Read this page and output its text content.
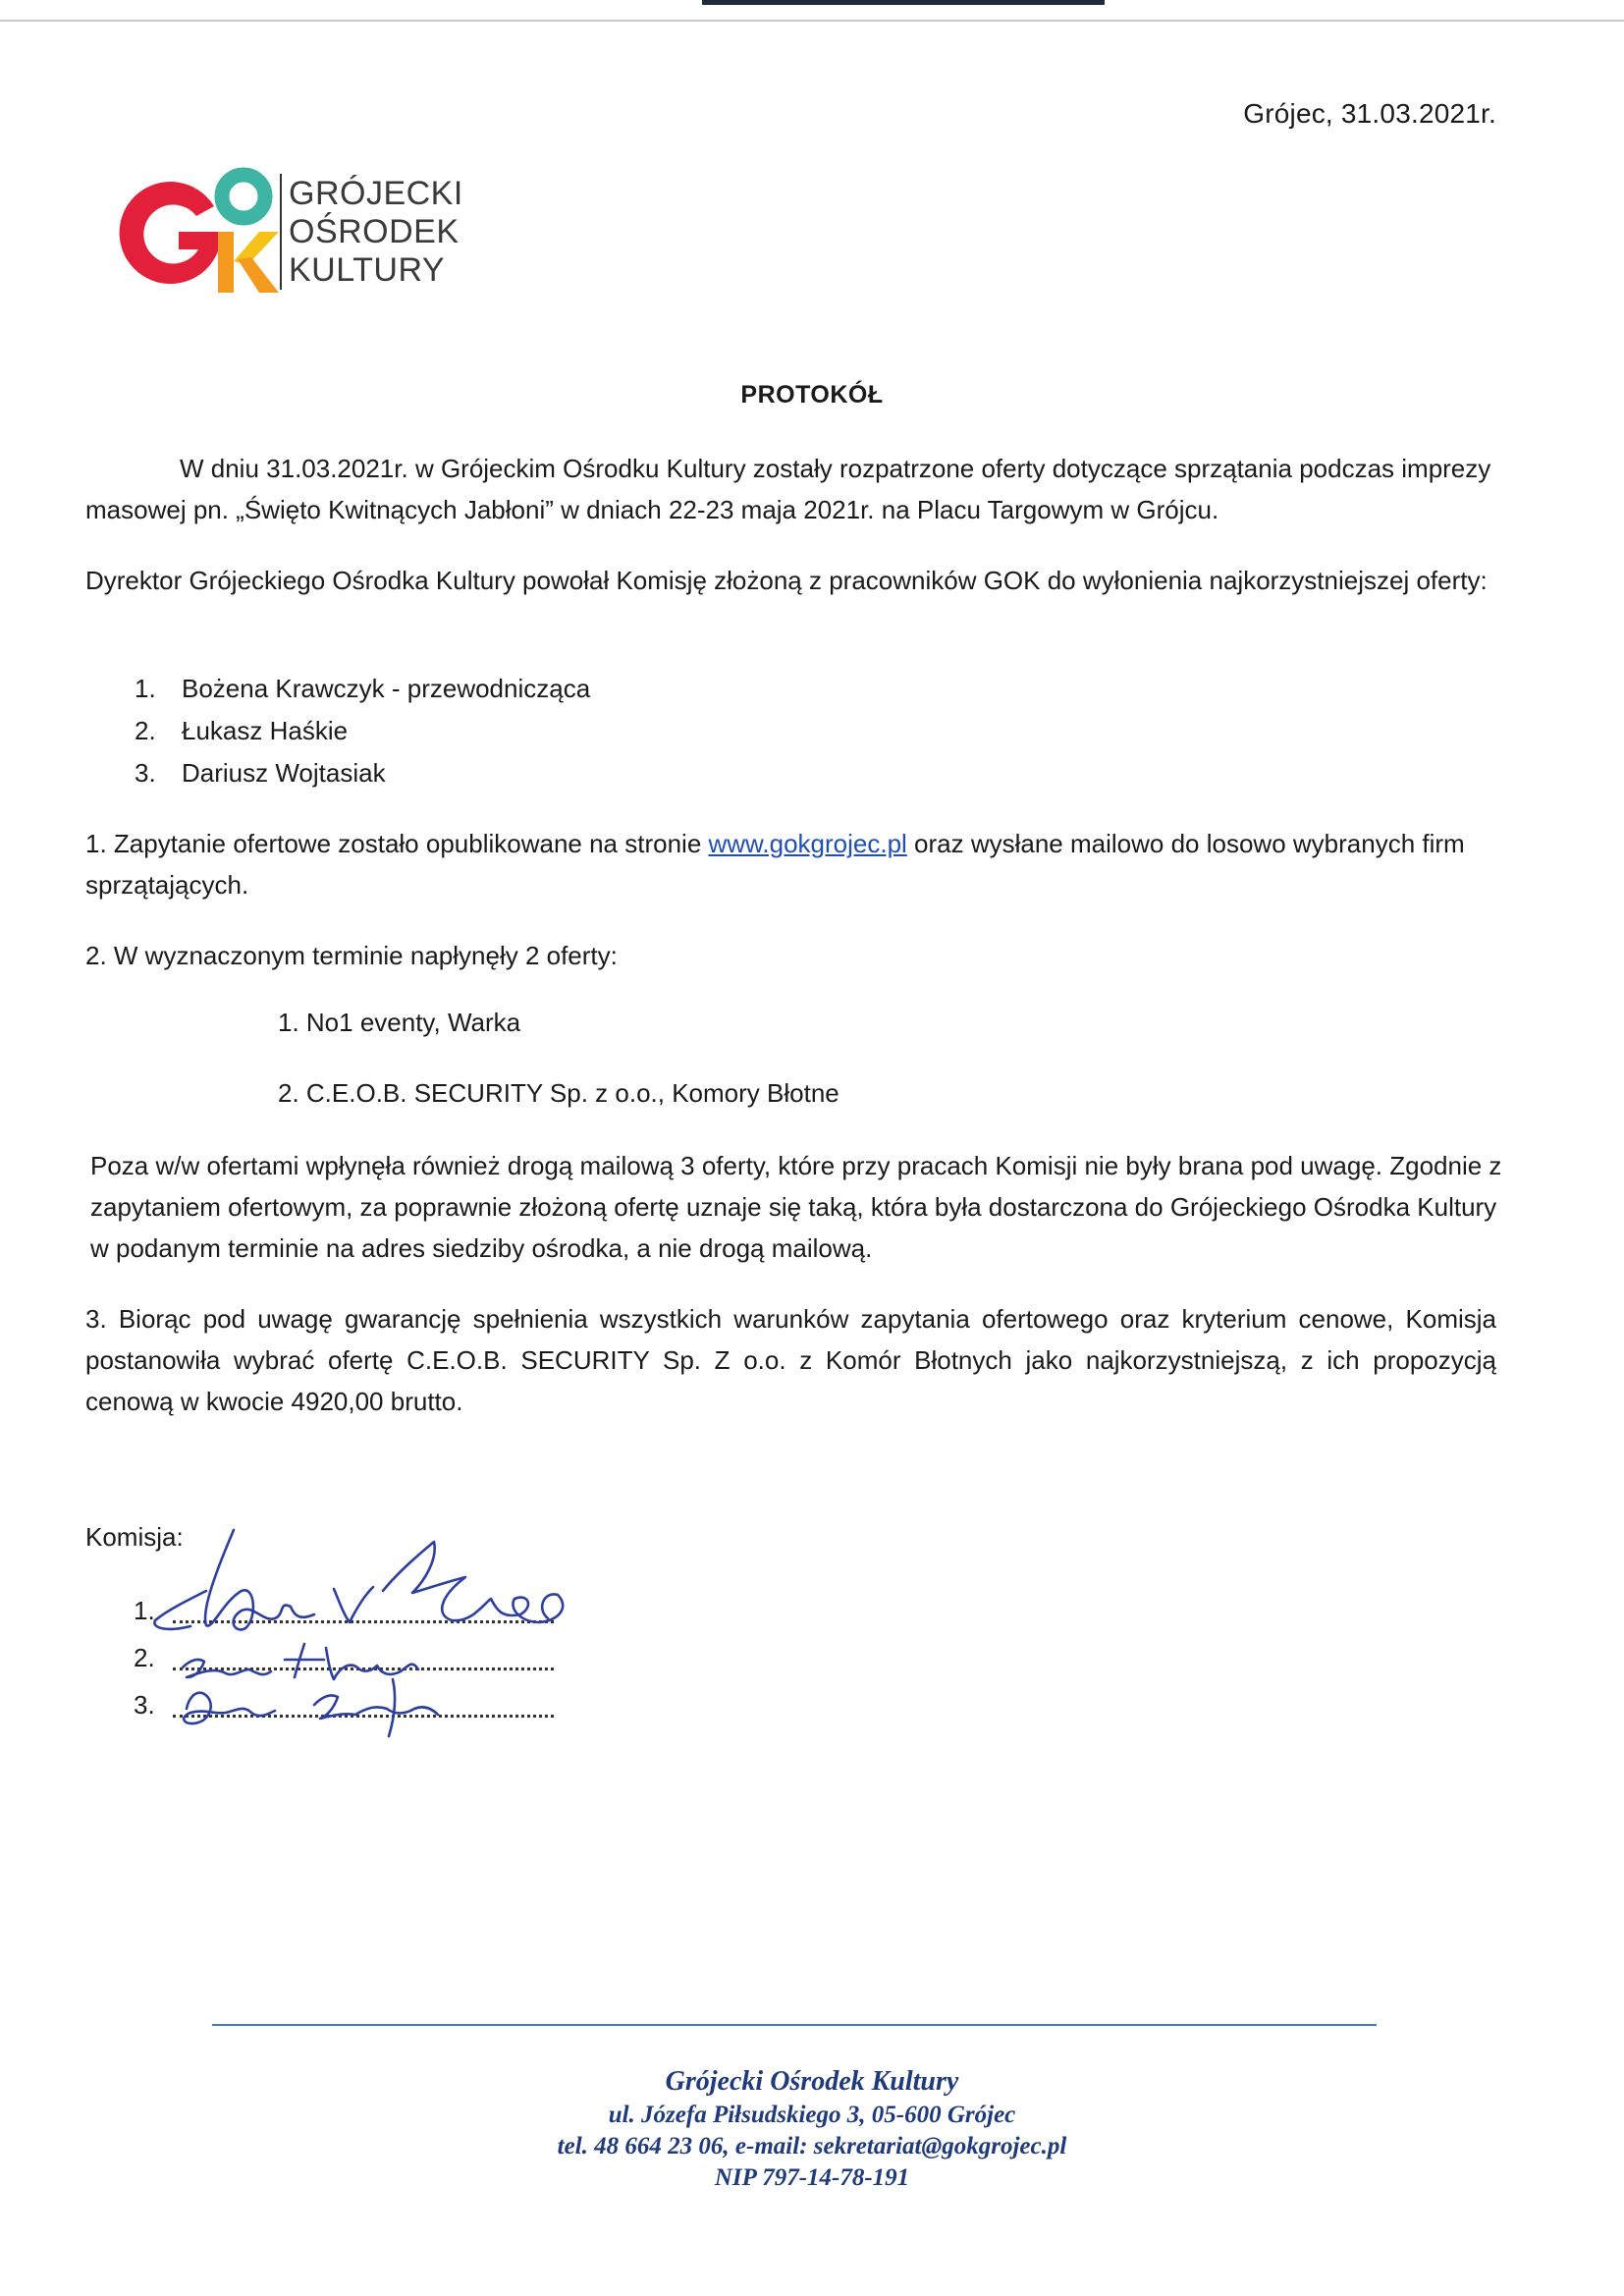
Grójec, 31.03.2021r.
GRÓJECKI
OŚRODEK
KULTURY
PROTOKÓŁ
W dniu 31.03.2021r. w Grójeckim Ośrodku Kultury zostały rozpatrzone oferty dotyczące sprzątania podczas imprezy masowej pn. „Święto Kwitnących Jabłoni” w dniach 22-23 maja 2021r. na Placu Targowym w Grójcu.
Dyrektor Grójeckiego Ośrodka Kultury powołał Komisję złożoną z pracowników GOK do wyłonienia najkorzystniejszej oferty:
1. Bożena Krawczyk - przewodnicząca
2. Łukasz Haśkie
3. Dariusz Wojtasiak
1. Zapytanie ofertowe zostało opublikowane na stronie www.gokgrojec.pl oraz wysłane mailowo do losowo wybranych firm sprzątających.
2. W wyznaczonym terminie napłynęły 2 oferty:
1. No1 eventy, Warka
2. C.E.O.B. SECURITY Sp. z o.o., Komory Błotne
Poza w/w ofertami wpłynęła również drogą mailową 3 oferty, które przy pracach Komisji nie były brana pod uwagę. Zgodnie z zapytaniem ofertowym, za poprawnie złożoną ofertę uznaje się taką, która była dostarczona do Grójeckiego Ośrodka Kultury w podanym terminie na adres siedziby ośrodka, a nie drogą mailową.
3. Biorąc pod uwagę gwarancję spełnienia wszystkich warunków zapytania ofertowego oraz kryterium cenowe, Komisja postanowiła wybrać ofertę C.E.O.B. SECURITY Sp. Z o.o. z Komór Błotnych jako najkorzystniejszą, z ich propozycją cenową w kwocie 4920,00 brutto.
Komisja:
1.
2.
3.
Grójecki Ośrodek Kultury
ul. Józefa Piłsudskiego 3, 05-600 Grójec
tel. 48 664 23 06, e-mail: sekretariat@gokgrojec.pl
NIP 797-14-78-191
